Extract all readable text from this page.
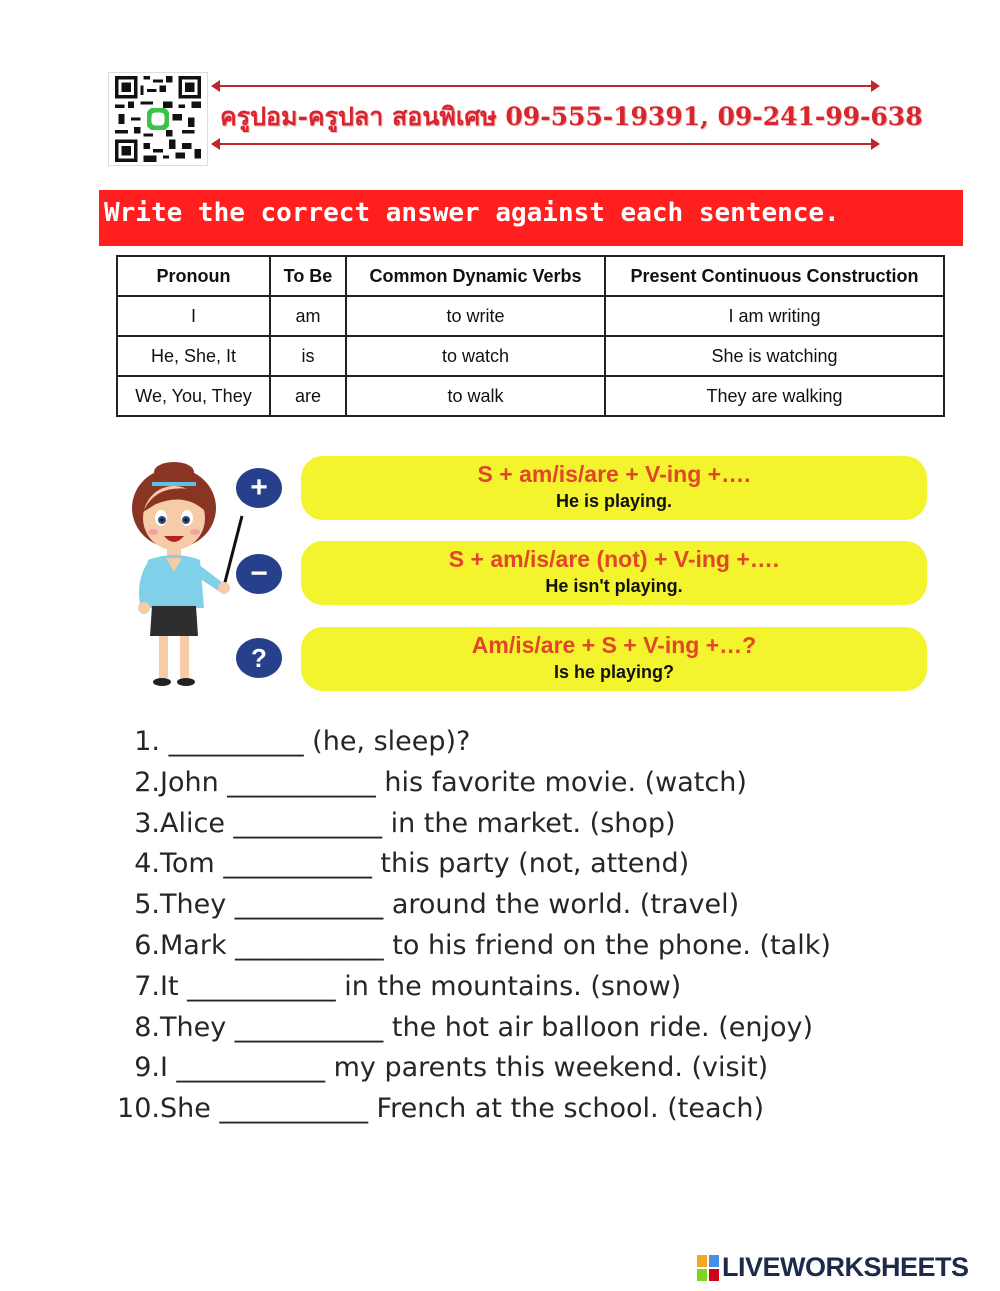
ครูปอม-ครูปลา สอนพิเศษ 09-555-19391, 09-241-99-638
Write the correct answer against each sentence.
Pronoun	To Be	Common Dynamic Verbs	Present Continuous Construction
I	am	to write	I am writing
He, She, It	is	to watch	She is watching
We, You, They	are	to walk	They are walking
+
−
?
S + am/is/are + V-ing +….
He is playing.
S + am/is/are (not) + V-ing +….
He isn't playing.
Am/is/are + S + V-ing +…?
Is he playing?
1. __________ (he, sleep)?
2.John ___________ his favorite movie. (watch)
3.Alice ___________ in the market. (shop)
4.Tom ___________ this party (not, attend)
5.They ___________ around the world. (travel)
6.Mark ___________ to his friend on the phone. (talk)
7.It ___________ in the mountains. (snow)
8.They ___________ the hot air balloon ride. (enjoy)
9.I ___________ my parents this weekend. (visit)
10.She ___________ French at the school. (teach)
LIVEWORKSHEETS
